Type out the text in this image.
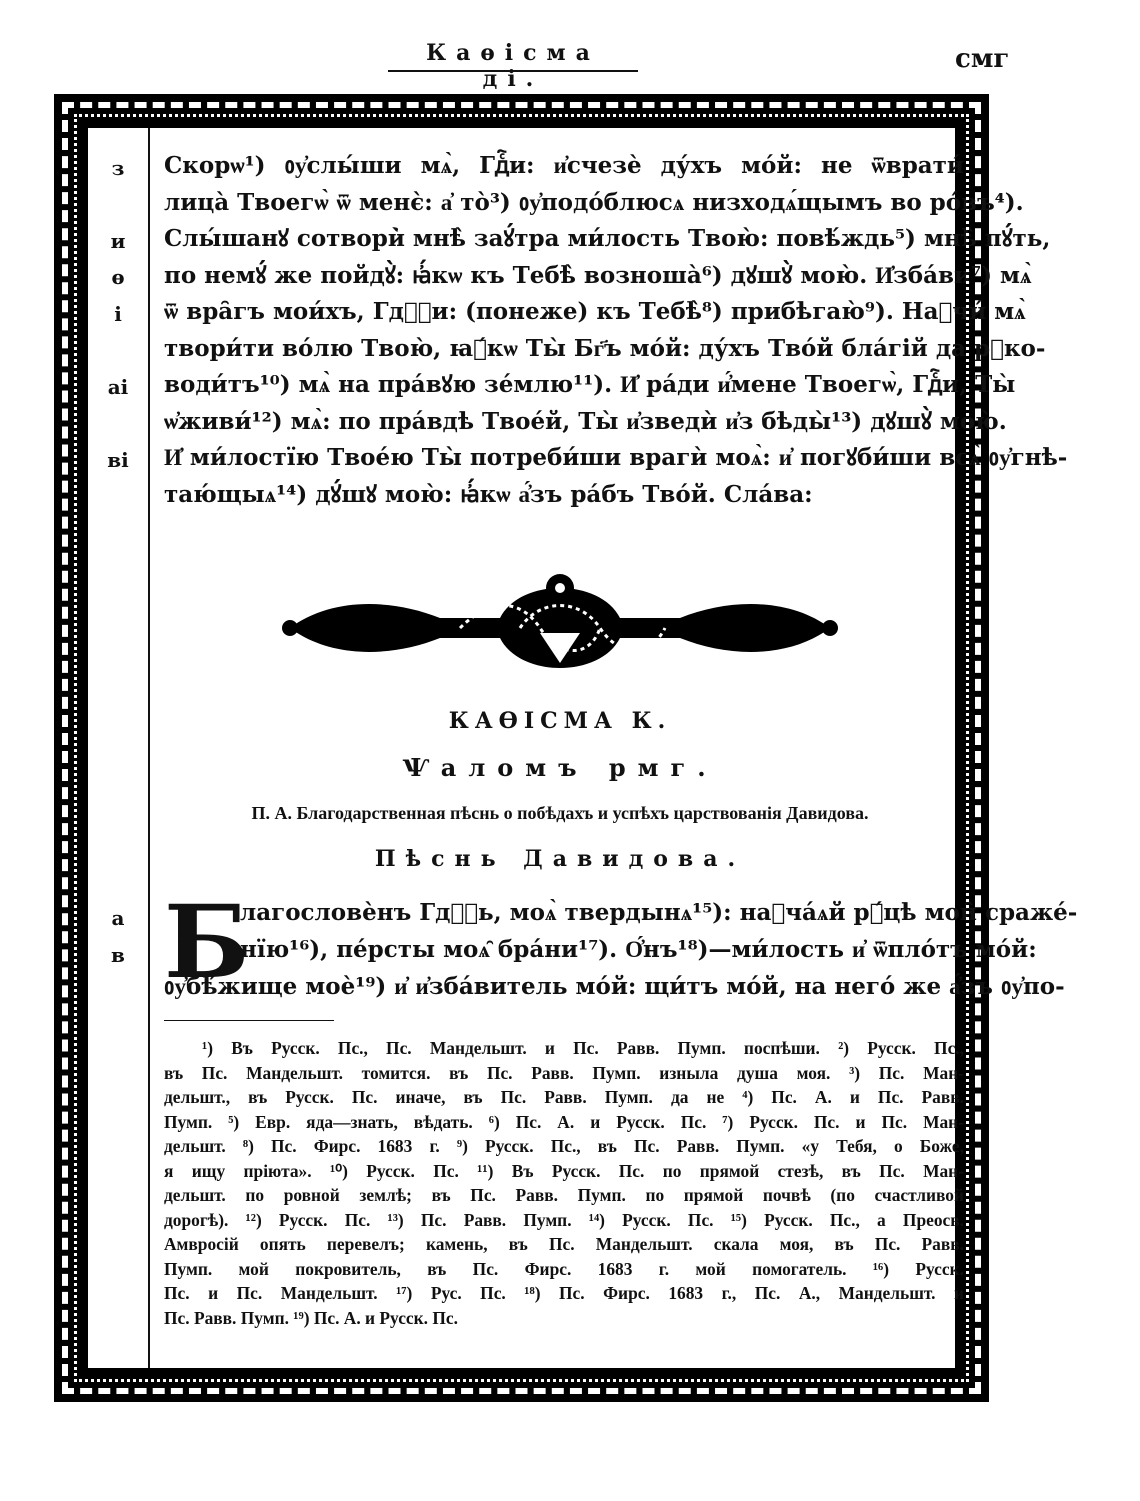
Каѳісма ді.
смг
з
и
ѳ
і
аі
ві
а
в
Скорѡ¹) ᲂу҆слы́ши мѧ̀, Гдⷭ҇и: и҆счезѐ ду́хъ мо́й: не ѿврати́
лица̀ Твоегѡ̀ ѿ менє̀: а҆ то̀³) ᲂу҆подо́блюсѧ низходѧ́щымъ во ро́въ⁴).
Слы́шанꙋ сотвори̇̀ мнѣ̀ заꙋ́тра ми́лость Твою̀: повѣ́ждь⁵) мнѣ̀ пꙋ́ть,
по немꙋ́ же пойдꙋ̀: ꙗ҆́кѡ къ Тебѣ̀ возноша̀⁶) дꙋшꙋ̀ мою̀. И҆зба́ви⁷) мѧ̀
ѿ вра̑гъ мои́хъ, Гдⷭ҇и: (понеже) къ Тебѣ̀⁸) прибѣгаю̀⁹). Наꙋчи́ мѧ̀
твори́ти во́лю Твою̀, ꙗ҆́кѡ Ты̀ Бг҃ъ мо́й: ду́хъ Тво́й бла́гій да рꙋко-
води́тъ¹⁰) мѧ̀ на пра́вꙋю зе́млю¹¹). И҆ ра́ди и҆́мене Твоегѡ̀, Гдⷭ҇и, Ты̀
ѡ҆живи́¹²) мѧ̀: по пра́вдѣ Твое́й, Ты̀ и҆зведѝ и҆з бѣды̀¹³) дꙋшꙋ̀ мою̀.
И҆ ми́лостїю Твое́ю Ты̀ потреби́ши врагѝ моѧ̀: и҆ погꙋби́ши всѧ̀ ᲂу҆гнѣ-
таю́щыѧ¹⁴) дꙋ́шꙋ мою̀: ꙗ҆́кѡ а҆́зъ ра́бъ Тво́й. Сла́ва:
КАѲІСМА К.
Ѱаломъ рмг.
П. А. Благодарственная пѣснь о побѣдахъ и успѣхъ царствованія Давидова.
Пѣснь Давидова.
Б
лагословѐнъ Гдⷭ҇ь, моѧ̀ твердынѧ¹⁵): наꙋча́ѧй рꙋ́цѣ мои̑ сраже́-
нїю¹⁶), пе́рсты моѧ̑ бра́ни¹⁷). О҆́нъ¹⁸)—ми́лость и҆ ѿпло́тъ мо́й:
ᲂу҆бѣ́жище моѐ¹⁹) и҆ и҆зба́витель мо́й: щи́тъ мо́й, на него́ же а҆́зъ ᲂу҆по-
¹) Въ Русск. Пс., Пс. Мандельшт. и Пс. Равв. Пумп. поспѣши. ²) Русск. Пс.,
въ Пс. Мандельшт. томится. въ Пс. Равв. Пумп. изныла душа моя. ³) Пс. Ман-
дельшт., въ Русск. Пс. иначе, въ Пс. Равв. Пумп. да не ⁴) Пс. А. и Пс. Равв.
Пумп. ⁵) Евр. яда—знать, вѣдать. ⁶) Пс. А. и Русск. Пс. ⁷) Русск. Пс. и Пс. Ман-
дельшт. ⁸) Пс. Фирс. 1683 г. ⁹) Русск. Пс., въ Пс. Равв. Пумп. «у Тебя, о Боже,
я ищу пріюта». ¹⁰) Русск. Пс. ¹¹) Въ Русск. Пс. по прямой стезѣ, въ Пс. Ман-
дельшт. по ровной землѣ; въ Пс. Равв. Пумп. по прямой почвѣ (по счастливой
дорогѣ). ¹²) Русск. Пс. ¹³) Пс. Равв. Пумп. ¹⁴) Русск. Пс. ¹⁵) Русск. Пс., а Преосв.
Амвросій опять перевелъ; камень, въ Пс. Мандельшт. скала моя, въ Пс. Равв.
Пумп. мой покровитель, въ Пс. Фирс. 1683 г. мой помогатель. ¹⁶) Русск.
Пс. и Пс. Мандельшт. ¹⁷) Рус. Пс. ¹⁸) Пс. Фирс. 1683 г., Пс. А., Мандельшт. и
Пс. Равв. Пумп. ¹⁹) Пс. А. и Русск. Пс.
